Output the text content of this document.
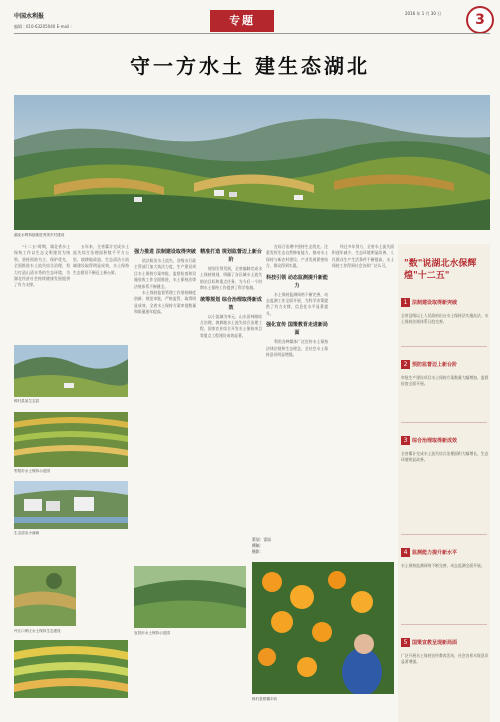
中国水利报
编辑 : 010-63205040 E-mail :	专题
2016 年 1 月 30 日	3
守一方水土 建生态湖北
湖北水利持续推进秀美乡村建设
秭归县某生态县
枣阳市水土保持示范园
生态清洁小流域
丹江口库区水土保持生态建设

"十二五"时期，湖北省水土保持工作以生态文明建设为统领，坚持预防为主、保护优先，全面推进水土流失综合治理，努力打造山清水秀的生态环境，为湖北经济社会持续健康发展提供了有力支撑。

五年来，全省累计完成水土流失综合治理面积数千平方公里，坡耕地改造、生态清洁小流域建设取得明显成效，水土保持生态建设不断迈上新台阶。

强力推进 法制建设取得突破

依法防治水土流失，各级水行政主管部门加大执法力度，生产建设项目水土保持方案审批、监督检查和设施验收工作全面推进，水土保持法律法规体系不断健全。

水土保持监督管理工作坚持制度创新，规范审批，严格监管，取得明显成效，全省水土保持方案审批数量和质量逐年提高。

精准打造 规划监督迈上新台阶

规划引领发展，全省编制完成水土保持规划，明确了各区域水土流失防治目标和重点任务，为今后一个时期水土保持工作提供了科学依据。

统筹规划 综合治理取得新成效

以小流域为单元，山水田林路综合治理，坡耕地水土流失综合治理工程、国家农业综合开发水土保持项目等重点工程建设成效显著。

在综合治理中坚持生态优先，注重发挥生态自然修复能力，推动水土保持与新农村建设、产业发展紧密结合，群众得到实惠。

科技引领 动态监测提升新能力

水土保持监测网络不断完善，动态监测工作全面开展，为科学决策提供了有力支撑，信息化水平显著提升。

强化宣传 国策教育走进新局面

利用各种媒体广泛宣传水土保持法律法规和生态理念，全社会水土保持意识明显增强。

经过多年努力，全省水土流失面积逐年减少，生态环境明显改善，人民群众生产生活条件不断提高，水土保持工作得到社会各界广泛认可。

宜昌市水土保持示范园
策划：雷雨
撰稿：
摄影：
秭归县柑橘丰收
"数"说湖北水保辉煌"十二五"
1 法制建设取得新突破
全省县级以上人民政府出台水土保持法实施办法，水土保持法规体系日趋完善。
2 预防监督迈上新台阶
审批生产建设项目水土保持方案数量大幅增加，监督检查全面开展。
3 综合治理取得新成效
全省累计完成水土流失综合治理面积大幅增长，生态环境明显改善。
4 监测能力提升新水平
水土保持监测网络不断完善，动态监测全面开展。
5 国策宣教呈现新局面
广泛开展水土保持宣传教育活动，社会各界水保意识显著增强。
